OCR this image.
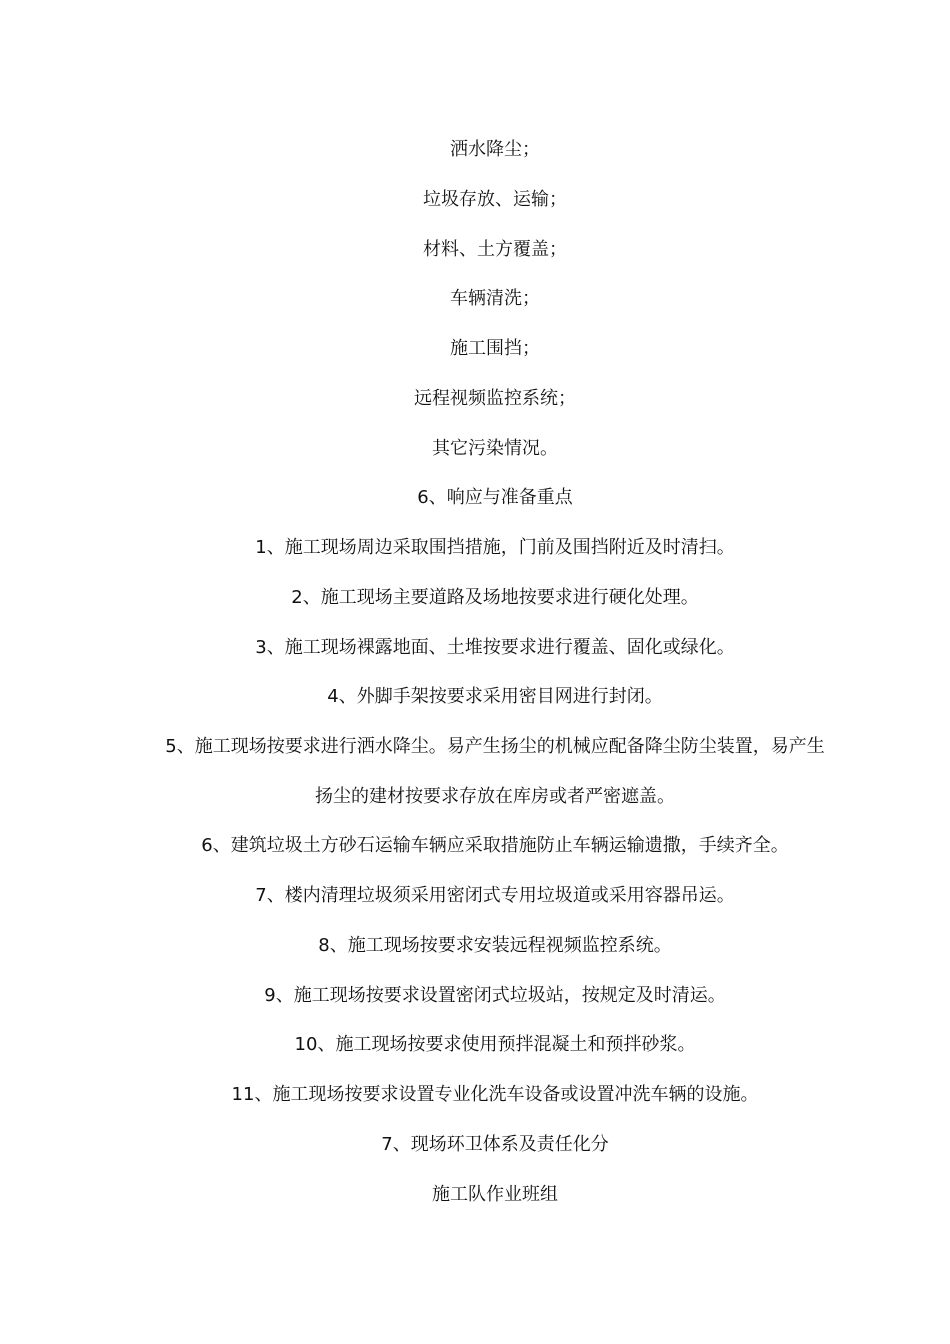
洒水降尘；
垃圾存放、运输；
材料、土方覆盖；
车辆清洗；
施工围挡；
远程视频监控系统；
其它污染情况。
6、响应与准备重点
1、施工现场周边采取围挡措施，门前及围挡附近及时清扫。
2、施工现场主要道路及场地按要求进行硬化处理。
3、施工现场裸露地面、土堆按要求进行覆盖、固化或绿化。
4、外脚手架按要求采用密目网进行封闭。
5、施工现场按要求进行洒水降尘。易产生扬尘的机械应配备降尘防尘装置，易产生
扬尘的建材按要求存放在库房或者严密遮盖。
6、建筑垃圾土方砂石运输车辆应采取措施防止车辆运输遗撒，手续齐全。
7、楼内清理垃圾须采用密闭式专用垃圾道或采用容器吊运。
8、施工现场按要求安装远程视频监控系统。
9、施工现场按要求设置密闭式垃圾站，按规定及时清运。
10、施工现场按要求使用预拌混凝土和预拌砂浆。
11、施工现场按要求设置专业化洗车设备或设置冲洗车辆的设施。
7、现场环卫体系及责任化分
施工队作业班组
